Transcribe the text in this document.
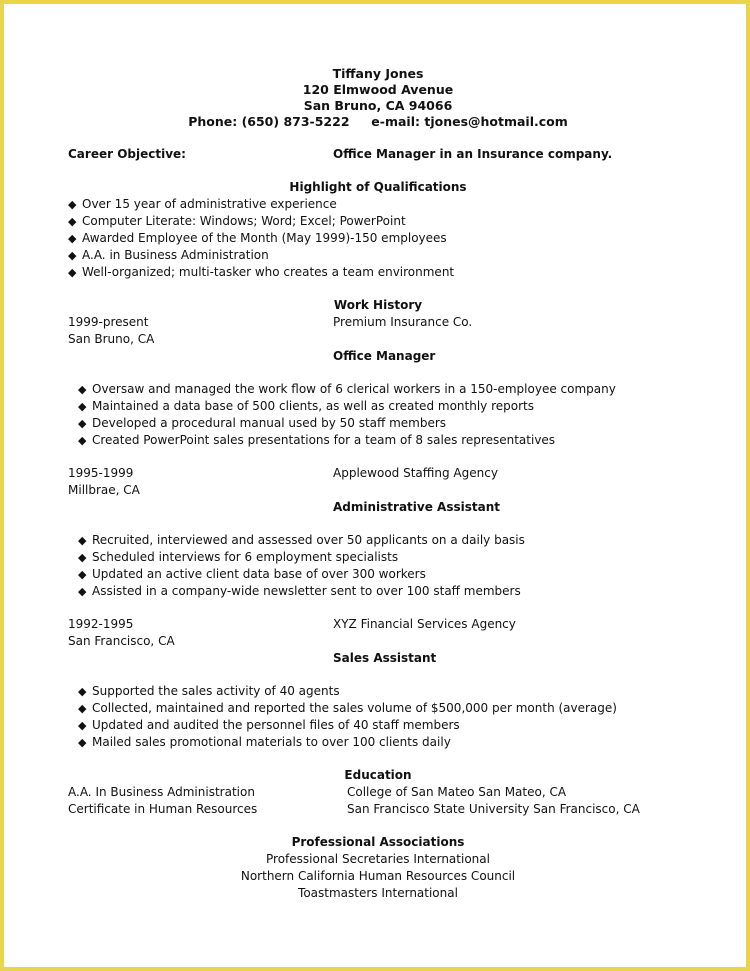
Tiffany Jones
120 Elmwood Avenue
San Bruno, CA 94066
Phone: (650) 873-5222 e-mail: tjones@hotmail.com
Career Objective:	Office Manager in an Insurance company.
Highlight of Qualifications
◆ Over 15 year of administrative experience
◆ Computer Literate: Windows; Word; Excel; PowerPoint
◆ Awarded Employee of the Month (May 1999)-150 employees
◆ A.A. in Business Administration
◆ Well-organized; multi-tasker who creates a team environment
Work History
1999-present	Premium Insurance Co.
San Bruno, CA
Office Manager
◆ Oversaw and managed the work flow of 6 clerical workers in a 150-employee company
◆ Maintained a data base of 500 clients, as well as created monthly reports
◆ Developed a procedural manual used by 50 staff members
◆ Created PowerPoint sales presentations for a team of 8 sales representatives
1995-1999	Applewood Staffing Agency
Millbrae, CA
Administrative Assistant
◆ Recruited, interviewed and assessed over 50 applicants on a daily basis
◆ Scheduled interviews for 6 employment specialists
◆ Updated an active client data base of over 300 workers
◆ Assisted in a company-wide newsletter sent to over 100 staff members
1992-1995	XYZ Financial Services Agency
San Francisco, CA
Sales Assistant
◆ Supported the sales activity of 40 agents
◆ Collected, maintained and reported the sales volume of $500,000 per month (average)
◆ Updated and audited the personnel files of 40 staff members
◆ Mailed sales promotional materials to over 100 clients daily
Education
A.A. In Business Administration	College of San Mateo San Mateo, CA
Certificate in Human Resources	San Francisco State University San Francisco, CA
Professional Associations
Professional Secretaries International
Northern California Human Resources Council
Toastmasters International
